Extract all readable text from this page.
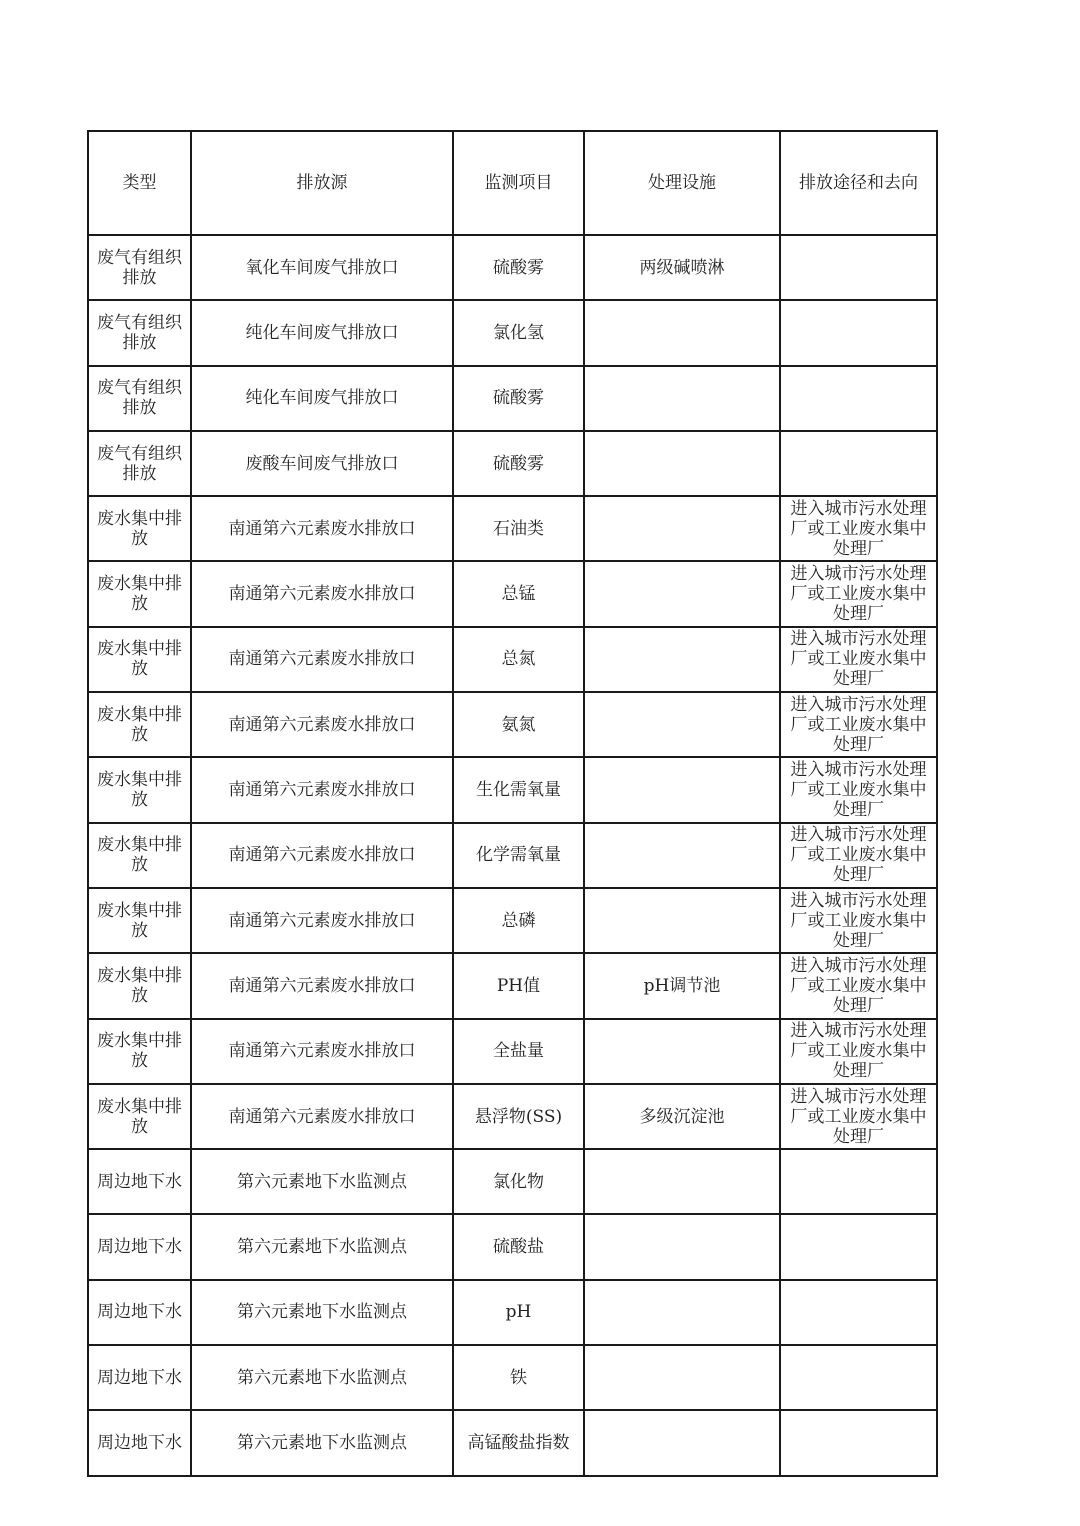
类型	排放源	监测项目	处理设施	排放途径和去向
废气有组织排放	氧化车间废气排放口	硫酸雾	两级碱喷淋	
废气有组织排放	纯化车间废气排放口	氯化氢		
废气有组织排放	纯化车间废气排放口	硫酸雾		
废气有组织排放	废酸车间废气排放口	硫酸雾		
废水集中排放	南通第六元素废水排放口	石油类		进入城市污水处理厂或工业废水集中处理厂
废水集中排放	南通第六元素废水排放口	总锰		进入城市污水处理厂或工业废水集中处理厂
废水集中排放	南通第六元素废水排放口	总氮		进入城市污水处理厂或工业废水集中处理厂
废水集中排放	南通第六元素废水排放口	氨氮		进入城市污水处理厂或工业废水集中处理厂
废水集中排放	南通第六元素废水排放口	生化需氧量		进入城市污水处理厂或工业废水集中处理厂
废水集中排放	南通第六元素废水排放口	化学需氧量		进入城市污水处理厂或工业废水集中处理厂
废水集中排放	南通第六元素废水排放口	总磷		进入城市污水处理厂或工业废水集中处理厂
废水集中排放	南通第六元素废水排放口	PH值	pH调节池	进入城市污水处理厂或工业废水集中处理厂
废水集中排放	南通第六元素废水排放口	全盐量		进入城市污水处理厂或工业废水集中处理厂
废水集中排放	南通第六元素废水排放口	悬浮物(SS)	多级沉淀池	进入城市污水处理厂或工业废水集中处理厂
周边地下水	第六元素地下水监测点	氯化物		
周边地下水	第六元素地下水监测点	硫酸盐		
周边地下水	第六元素地下水监测点	pH		
周边地下水	第六元素地下水监测点	铁		
周边地下水	第六元素地下水监测点	高锰酸盐指数		
